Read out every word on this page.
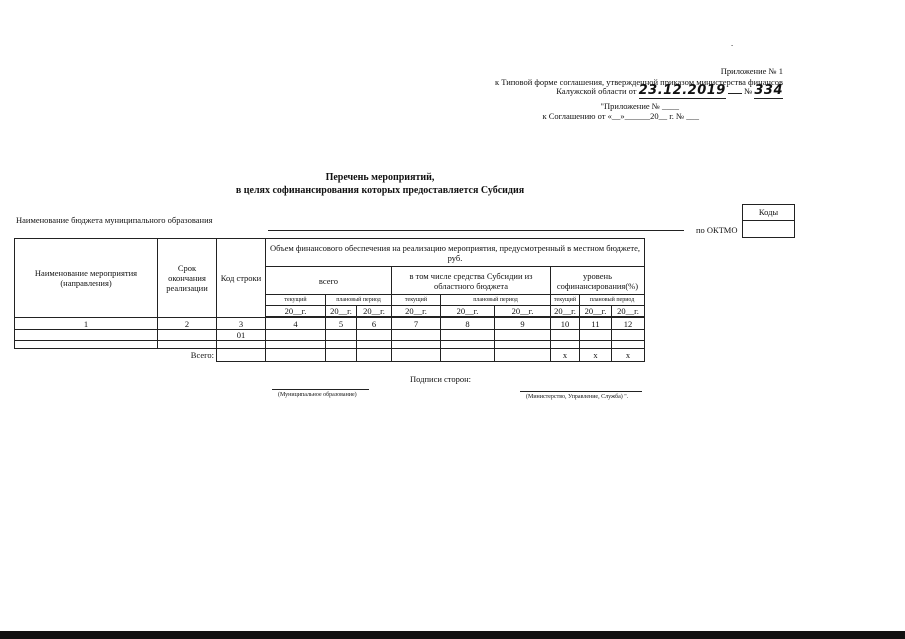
.
Приложение № 1
к Типовой форме соглашения, утвержденной приказом министерства финансов
Калужской области от 23.12.2019 № 334
"Приложение № ____
к Соглашению от «__»______20__ г. № ___
Перечень мероприятий,
в целях софинансирования которых предоставляется Субсидия
Коды
Наименование бюджета муниципального образования
по ОКТМО
Наименование мероприятия (направления)	Срок окончания реализации	Код строки	Объем финансового обеспечения на реализацию мероприятия, предусмотренный в местном бюджете, руб.								
			всего			в том числе средства Субсидии из областного бюджета			уровень софинансирования(%)		
			текущий	плановый период		текущий	плановый период		текущий	плановый период	
			20__г.	20__г.	20__г.	20__г.	20__г.	20__г.	20__г.	20__г.	20__г.

1	2	3	4	5	6	7	8	9	10	11	12
		01									

Всего:									x	x	x
Подписи сторон:
(Муниципальное образование)	(Министерство, Управление, Служба) ".
